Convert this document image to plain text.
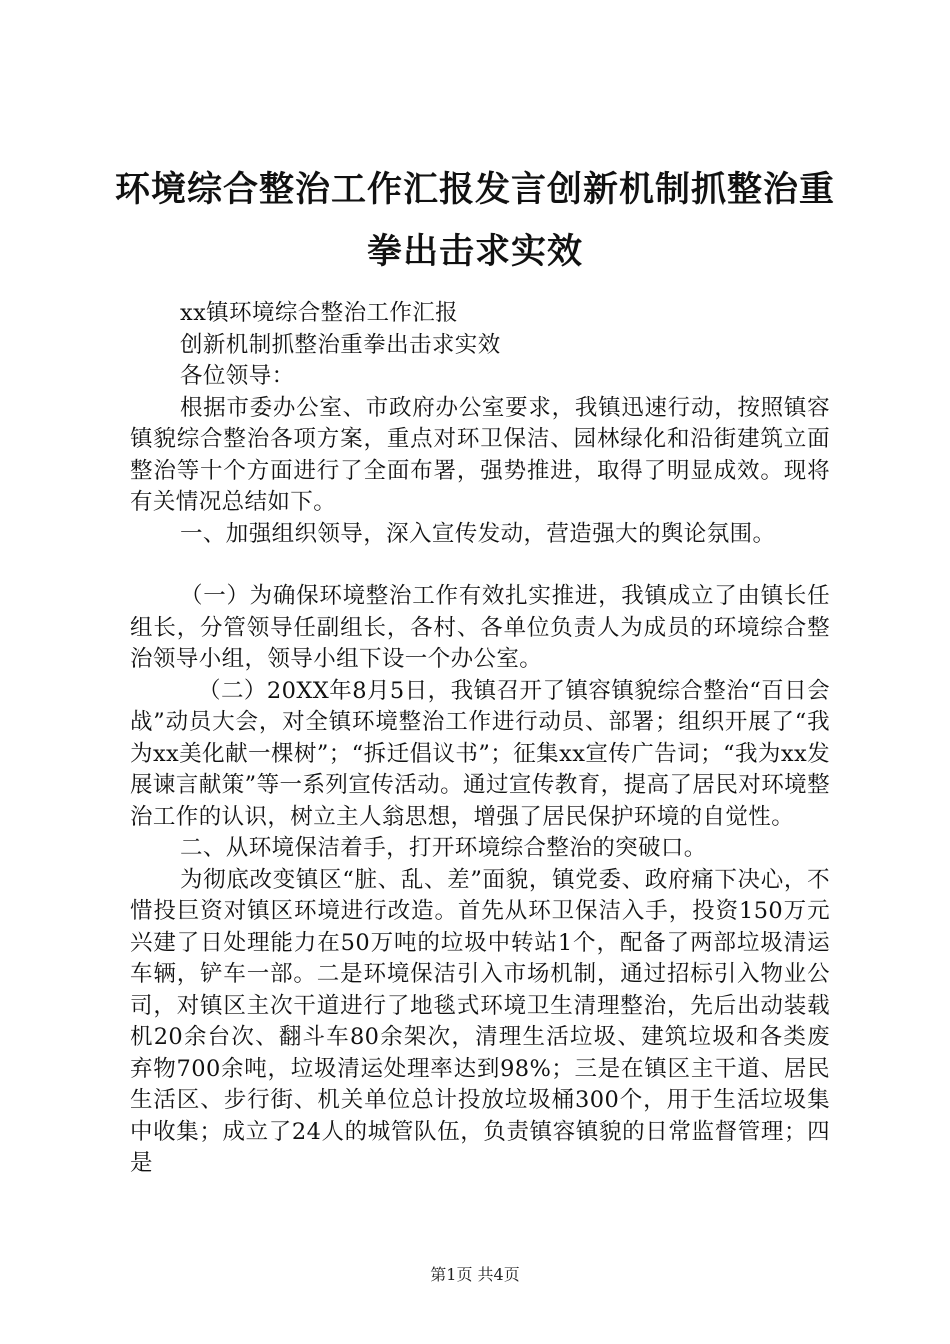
环境综合整治工作汇报发言创新机制抓整治重
拳出击求实效

xx镇环境综合整治工作汇报

创新机制抓整治重拳出击求实效

各位领导：

根据市委办公室、市政府办公室要求，我镇迅速行动，按照镇容镇貌综合整治各项方案，重点对环卫保洁、园林绿化和沿街建筑立面整治等十个方面进行了全面布署，强势推进，取得了明显成效。现将有关情况总结如下。

一、加强组织领导，深入宣传发动，营造强大的舆论氛围。

（一）为确保环境整治工作有效扎实推进，我镇成立了由镇长任组长，分管领导任副组长，各村、各单位负责人为成员的环境综合整治领导小组，领导小组下设一个办公室。

（二）20XX年8月5日，我镇召开了镇容镇貌综合整治“百日会战”动员大会，对全镇环境整治工作进行动员、部署；组织开展了“我为xx美化献一棵树”；“拆迁倡议书”；征集xx宣传广告词；“我为xx发展谏言献策”等一系列宣传活动。通过宣传教育，提高了居民对环境整治工作的认识，树立主人翁思想，增强了居民保护环境的自觉性。

二、从环境保洁着手，打开环境综合整治的突破口。

为彻底改变镇区“脏、乱、差”面貌，镇党委、政府痛下决心，不惜投巨资对镇区环境进行改造。首先从环卫保洁入手，投资150万元兴建了日处理能力在50万吨的垃圾中转站1个，配备了两部垃圾清运车辆，铲车一部。二是环境保洁引入市场机制，通过招标引入物业公司，对镇区主次干道进行了地毯式环境卫生清理整治，先后出动装载机20余台次、翻斗车80余架次，清理生活垃圾、建筑垃圾和各类废弃物700余吨，垃圾清运处理率达到98%；三是在镇区主干道、居民生活区、步行街、机关单位总计投放垃圾桶300个，用于生活垃圾集中收集；成立了24人的城管队伍，负责镇容镇貌的日常监督管理；四是

第1页 共4页
